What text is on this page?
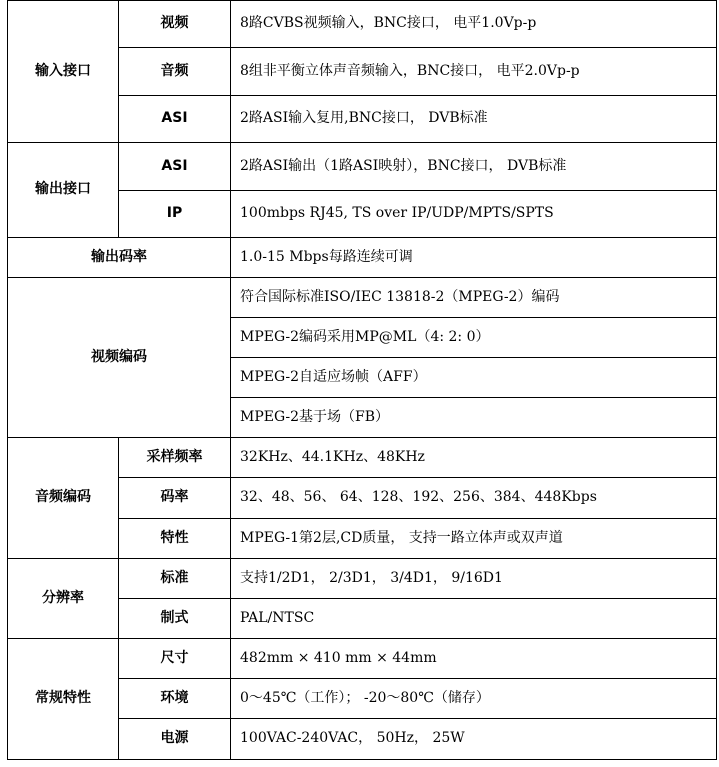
输入接口	视频	8路CVBS视频输入，BNC接口， 电平1.0Vp-p
	音频	8组非平衡立体声音频输入，BNC接口， 电平2.0Vp-p
	ASI	2路ASI输入复用,BNC接口， DVB标准
输出接口	ASI	2路ASI输出（1路ASI映射），BNC接口， DVB标准
	IP	100mbps RJ45, TS over IP/UDP/MPTS/SPTS
输出码率		1.0-15 Mbps每路连续可调
视频编码		符合国际标准ISO/IEC 13818-2（MPEG-2）编码
		MPEG-2编码采用MP@ML（4: 2: 0）
		MPEG-2自适应场帧（AFF）
		MPEG-2基于场（FB）
音频编码	采样频率	32KHz、44.1KHz、48KHz
	码率	32、48、56、 64、128、192、256、384、448Kbps
	特性	MPEG-1第2层,CD质量， 支持一路立体声或双声道
分辨率	标准	支持1/2D1， 2/3D1， 3/4D1， 9/16D1
	制式	PAL/NTSC
常规特性	尺寸	482mm × 410 mm × 44mm
	环境	0～45℃（工作）； -20～80℃（储存）
	电源	100VAC-240VAC， 50Hz， 25W
